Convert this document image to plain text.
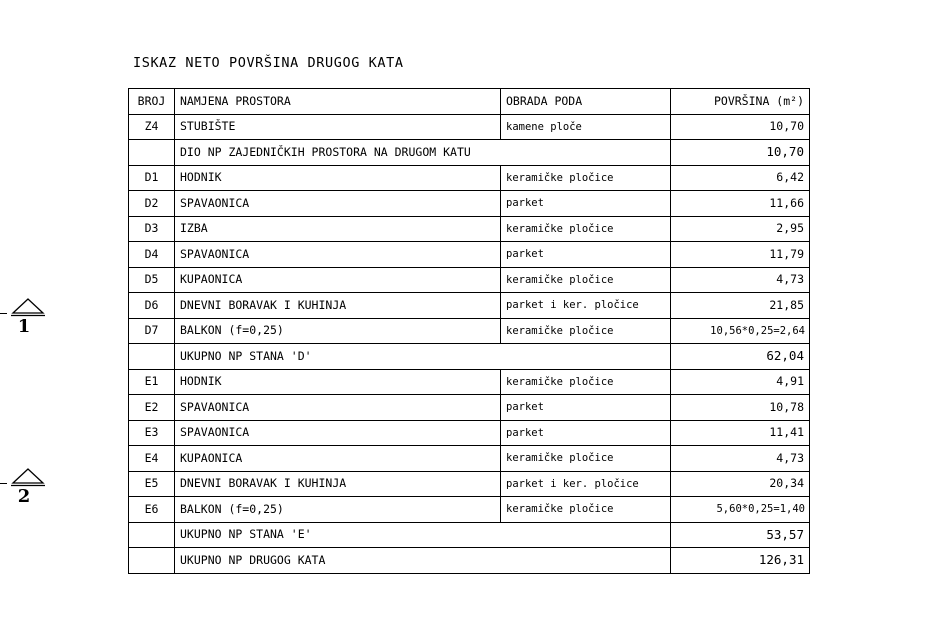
ISKAZ NETO POVRŠINA DRUGOG KATA
BROJ	NAMJENA PROSTORA	OBRADA PODA	POVRŠINA (m²)
Z4	STUBIŠTE	kamene ploče	10,70
	DIO NP ZAJEDNIČKIH PROSTORA NA DRUGOM KATU		10,70
D1	HODNIK	keramičke pločice	6,42
D2	SPAVAONICA	parket	11,66
D3	IZBA	keramičke pločice	2,95
D4	SPAVAONICA	parket	11,79
D5	KUPAONICA	keramičke pločice	4,73
D6	DNEVNI BORAVAK I KUHINJA	parket i ker. pločice	21,85
D7	BALKON (f=0,25)	keramičke pločice	10,56*0,25=2,64
	UKUPNO NP STANA 'D'		62,04
E1	HODNIK	keramičke pločice	4,91
E2	SPAVAONICA	parket	10,78
E3	SPAVAONICA	parket	11,41
E4	KUPAONICA	keramičke pločice	4,73
E5	DNEVNI BORAVAK I KUHINJA	parket i ker. pločice	20,34
E6	BALKON (f=0,25)	keramičke pločice	5,60*0,25=1,40
	UKUPNO NP STANA 'E'		53,57
	UKUPNO NP DRUGOG KATA		126,31
1
2
